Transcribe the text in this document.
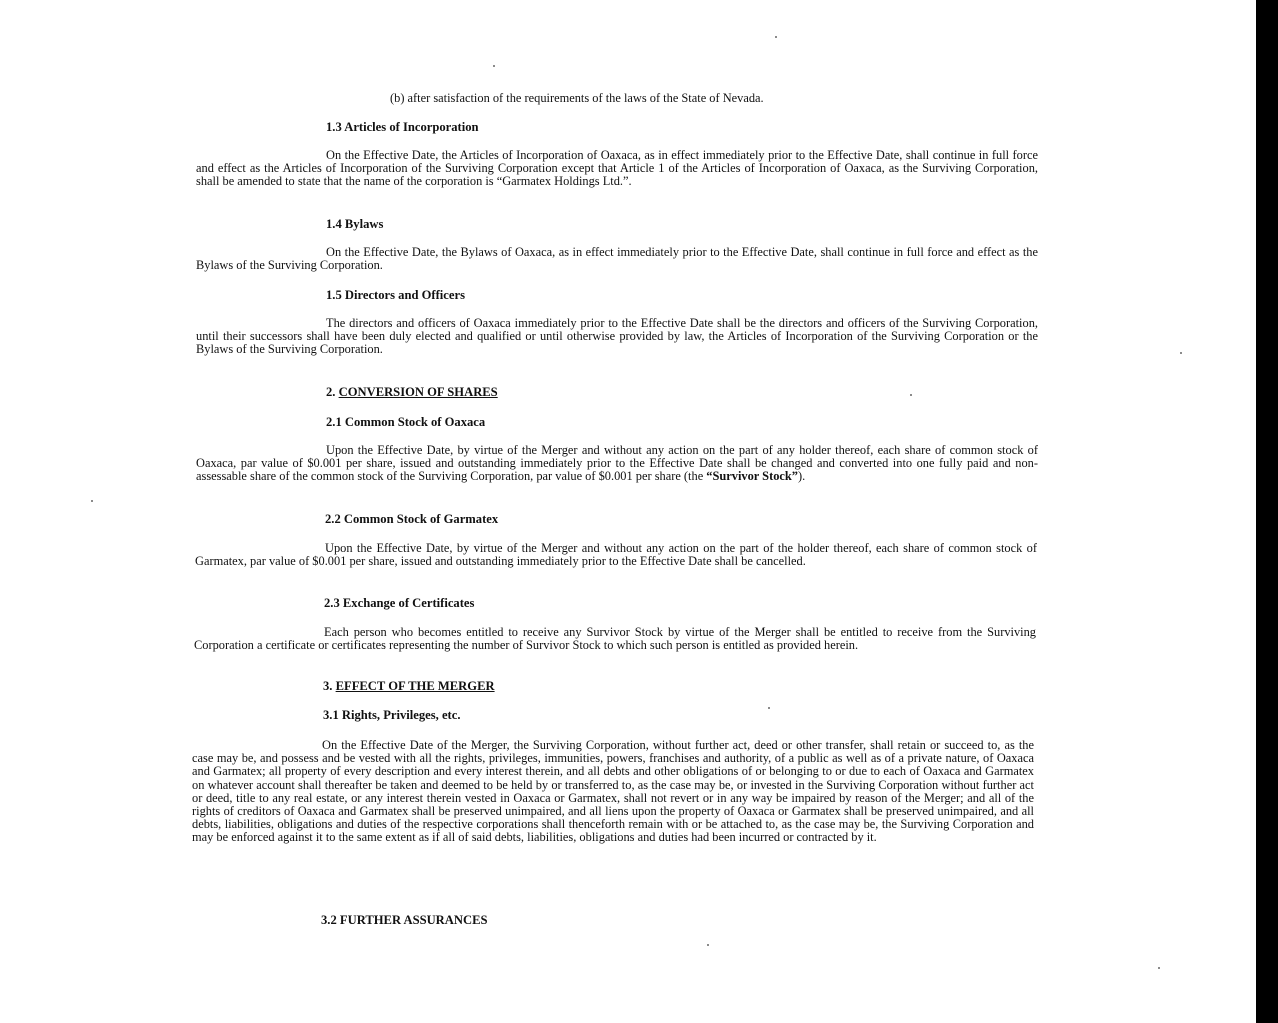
(b) after satisfaction of the requirements of the laws of the State of Nevada.

1.3 Articles of Incorporation

On the Effective Date, the Articles of Incorporation of Oaxaca, as in effect immediately prior to the Effective Date, shall continue in full force and effect as the Articles of Incorporation of the Surviving Corporation except that Article 1 of the Articles of Incorporation of Oaxaca, as the Surviving Corporation, shall be amended to state that the name of the corporation is “Garmatex Holdings Ltd.”.

1.4 Bylaws

On the Effective Date, the Bylaws of Oaxaca, as in effect immediately prior to the Effective Date, shall continue in full force and effect as the Bylaws of the Surviving Corporation.

1.5 Directors and Officers

The directors and officers of Oaxaca immediately prior to the Effective Date shall be the directors and officers of the Surviving Corporation, until their successors shall have been duly elected and qualified or until otherwise provided by law, the Articles of Incorporation of the Surviving Corporation or the Bylaws of the Surviving Corporation.

2. CONVERSION OF SHARES

2.1 Common Stock of Oaxaca

Upon the Effective Date, by virtue of the Merger and without any action on the part of any holder thereof, each share of common stock of Oaxaca, par value of $0.001 per share, issued and outstanding immediately prior to the Effective Date shall be changed and converted into one fully paid and non-assessable share of the common stock of the Surviving Corporation, par value of $0.001 per share (the “Survivor Stock”).

2.2 Common Stock of Garmatex

Upon the Effective Date, by virtue of the Merger and without any action on the part of the holder thereof, each share of common stock of Garmatex, par value of $0.001 per share, issued and outstanding immediately prior to the Effective Date shall be cancelled.

2.3 Exchange of Certificates

Each person who becomes entitled to receive any Survivor Stock by virtue of the Merger shall be entitled to receive from the Surviving Corporation a certificate or certificates representing the number of Survivor Stock to which such person is entitled as provided herein.

3. EFFECT OF THE MERGER

3.1 Rights, Privileges, etc.

On the Effective Date of the Merger, the Surviving Corporation, without further act, deed or other transfer, shall retain or succeed to, as the case may be, and possess and be vested with all the rights, privileges, immunities, powers, franchises and authority, of a public as well as of a private nature, of Oaxaca and Garmatex; all property of every description and every interest therein, and all debts and other obligations of or belonging to or due to each of Oaxaca and Garmatex on whatever account shall thereafter be taken and deemed to be held by or transferred to, as the case may be, or invested in the Surviving Corporation without further act or deed, title to any real estate, or any interest therein vested in Oaxaca or Garmatex, shall not revert or in any way be impaired by reason of the Merger; and all of the rights of creditors of Oaxaca and Garmatex shall be preserved unimpaired, and all liens upon the property of Oaxaca or Garmatex shall be preserved unimpaired, and all debts, liabilities, obligations and duties of the respective corporations shall thenceforth remain with or be attached to, as the case may be, the Surviving Corporation and may be enforced against it to the same extent as if all of said debts, liabilities, obligations and duties had been incurred or contracted by it.

3.2 FURTHER ASSURANCES
